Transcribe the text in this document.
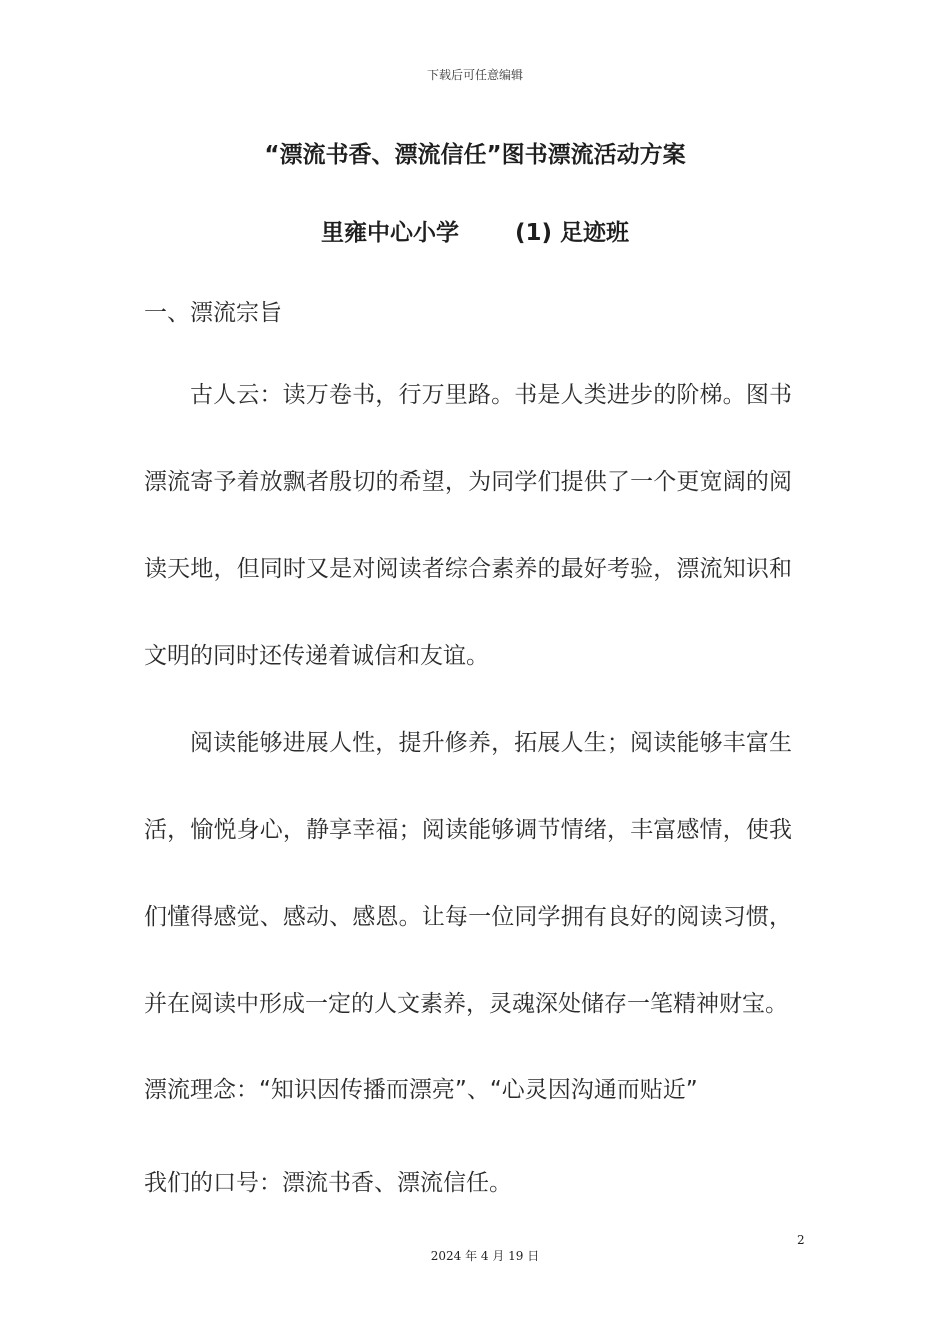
下载后可任意编辑
“漂流书香、漂流信任”图书漂流活动方案
里雍中心小学       (1) 足迹班
一、漂流宗旨

古人云：读万卷书，行万里路。书是人类进步的阶梯。图书漂流寄予着放飘者殷切的希望，为同学们提供了一个更宽阔的阅读天地，但同时又是对阅读者综合素养的最好考验，漂流知识和文明的同时还传递着诚信和友谊。

阅读能够进展人性，提升修养，拓展人生；阅读能够丰富生活，愉悦身心，静享幸福；阅读能够调节情绪，丰富感情，使我们懂得感觉、感动、感恩。让每一位同学拥有良好的阅读习惯，并在阅读中形成一定的人文素养，灵魂深处储存一笔精神财宝。

漂流理念：“知识因传播而漂亮”、“心灵因沟通而贴近”
我们的口号：漂流书香、漂流信任。
2
2024 年 4 月 19 日
